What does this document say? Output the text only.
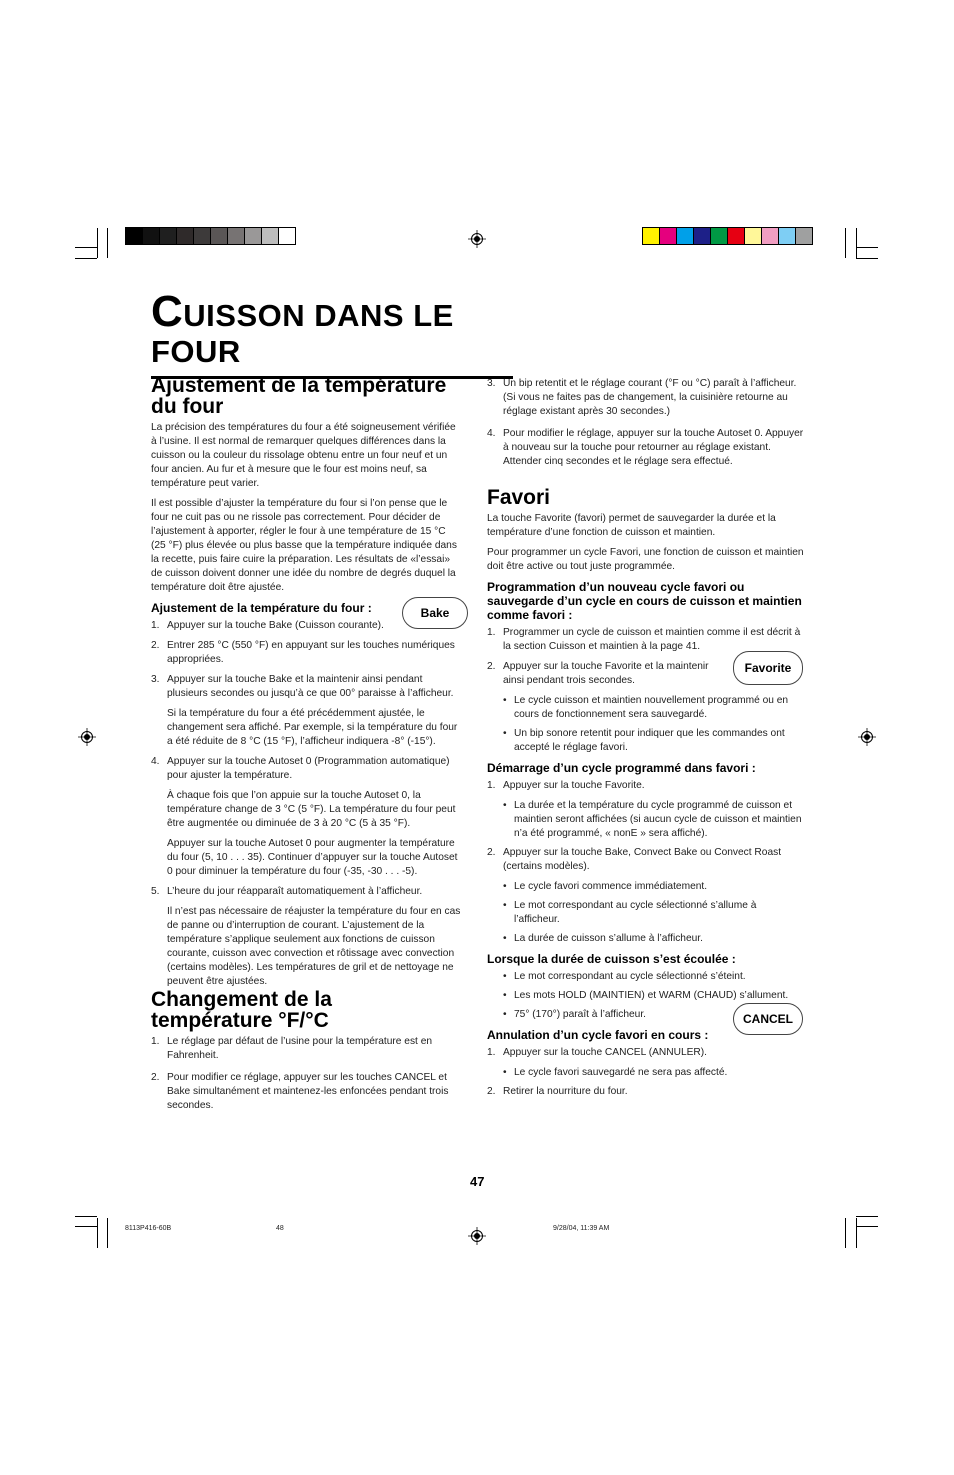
CUISSON DANS LE FOUR
Ajustement de la température du four

La précision des températures du four a été soigneusement vérifiée à l’usine. Il est normal de remarquer quelques différences dans la cuisson ou la couleur du rissolage obtenu entre un four neuf et un four ancien. Au fur et à mesure que le four est moins neuf, sa température peut varier.

Il est possible d’ajuster la température du four si l’on pense que le four ne cuit pas ou ne rissole pas correctement. Pour décider de l’ajustement à apporter, régler le four à une température de 15 °C (25 °F) plus élevée ou plus basse que la température indiquée dans la recette, puis faire cuire la préparation. Les résultats de «l’essai» de cuisson doivent donner une idée du nombre de degrés duquel la température doit être ajustée.

Ajustement de la température du four :
1. Appuyer sur la touche Bake (Cuisson courante).
2. Entrer 285 °C (550 °F) en appuyant sur les touches numériques appropriées.
3. Appuyer sur la touche Bake et la maintenir ainsi pendant plusieurs secondes ou jusqu’à ce que 00° paraisse à l’afficheur.
Si la température du four a été précédemment ajustée, le changement sera affiché. Par exemple, si la température du four a été réduite de 8 °C (15 °F), l’afficheur indiquera -8° (-15°).
4. Appuyer sur la touche Autoset 0 (Programmation automatique) pour ajuster la température.
À chaque fois que l’on appuie sur la touche Autoset 0, la température change de 3 °C (5 °F). La température du four peut être augmentée ou diminuée de 3 à 20 °C (5 à 35 °F).
Appuyer sur la touche Autoset 0 pour augmenter la température du four (5, 10 . . . 35). Continuer d’appuyer sur la touche Autoset 0 pour diminuer la température du four (-35, -30 . . . -5).
5. L’heure du jour réapparaît automatiquement à l’afficheur.
Il n’est pas nécessaire de réajuster la température du four en cas de panne ou d’interruption de courant. L’ajustement de la température s’applique seulement aux fonctions de cuisson courante, cuisson avec convection et rôtissage avec convection (certains modèles). Les températures de gril et de nettoyage ne peuvent être ajustées.
Changement de la température °F/°C
1. Le réglage par défaut de l’usine pour la température est en Fahrenheit.
2. Pour modifier ce réglage, appuyer sur les touches CANCEL et Bake simultanément et maintenez-les enfoncées pendant trois secondes.
Bake
3. Un bip retentit et le réglage courant (°F ou °C) paraît à l’afficheur. (Si vous ne faites pas de changement, la cuisinière retourne au réglage existant après 30 secondes.)
4. Pour modifier le réglage, appuyer sur la touche Autoset 0. Appuyer à nouveau sur la touche pour retourner au réglage existant. Attender cinq secondes et le réglage sera effectué.
Favori

La touche Favorite (favori) permet de sauvegarder la durée et la température d’une fonction de cuisson et maintien.

Pour programmer un cycle Favori, une fonction de cuisson et maintien doit être active ou tout juste programmée.

Programmation d’un nouveau cycle favori ou sauvegarde d’un cycle en cours de cuisson et maintien comme favori :
1. Programmer un cycle de cuisson et maintien comme il est décrit à la section Cuisson et maintien à la page 41.
2. Appuyer sur la touche Favorite et la maintenir ainsi pendant trois secondes.
• Le cycle cuisson et maintien nouvellement programmé ou en cours de fonctionnement sera sauvegardé.
• Un bip sonore retentit pour indiquer que les commandes ont accepté le réglage favori.
Démarrage d’un cycle programmé dans favori :
1. Appuyer sur la touche Favorite.
• La durée et la température du cycle programmé de cuisson et maintien seront affichées (si aucun cycle de cuisson et maintien n’a été programmé, « nonE » sera affiché).
2. Appuyer sur la touche Bake, Convect Bake ou Convect Roast (certains modèles).
• Le cycle favori commence immédiatement.
• Le mot correspondant au cycle sélectionné s’allume à l’afficheur.
• La durée de cuisson s’allume à l’afficheur.
Lorsque la durée de cuisson s’est écoulée :
• Le mot correspondant au cycle sélectionné s’éteint.
• Les mots HOLD (MAINTIEN) et WARM (CHAUD) s’allument.
• 75° (170°) paraît à l’afficheur.
Annulation d’un cycle favori en cours :
1. Appuyer sur la touche CANCEL (ANNULER).
• Le cycle favori sauvegardé ne sera pas affecté.
2. Retirer la nourriture du four.
Favorite
CANCEL
47
8113P416-60B	48	9/28/04, 11:39 AM
